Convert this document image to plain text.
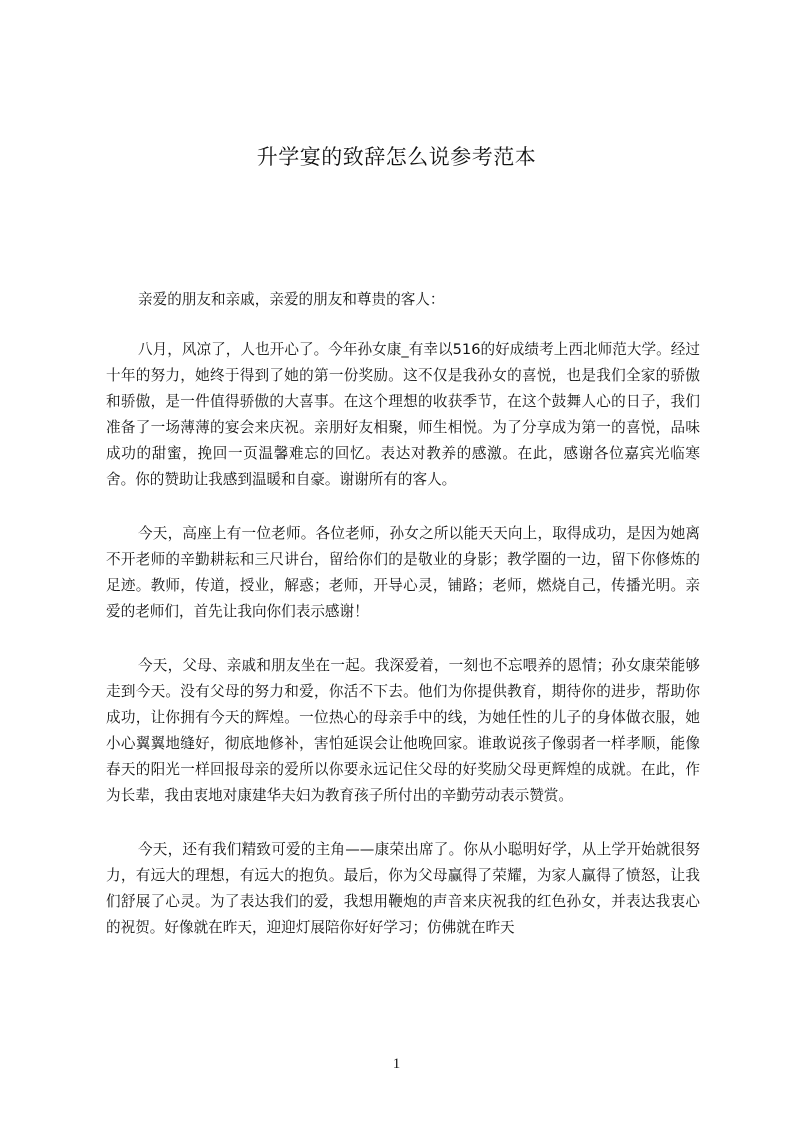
升学宴的致辞怎么说参考范本

亲爱的朋友和亲戚，亲爱的朋友和尊贵的客人：

八月，风凉了，人也开心了。今年孙女康_有幸以516的好成绩考上西北师范大学。经过十年的努力，她终于得到了她的第一份奖励。这不仅是我孙女的喜悦，也是我们全家的骄傲和骄傲，是一件值得骄傲的大喜事。在这个理想的收获季节，在这个鼓舞人心的日子，我们准备了一场薄薄的宴会来庆祝。亲朋好友相聚，师生相悦。为了分享成为第一的喜悦，品味成功的甜蜜，挽回一页温馨难忘的回忆。表达对教养的感激。在此，感谢各位嘉宾光临寒舍。你的赞助让我感到温暖和自豪。谢谢所有的客人。

今天，高座上有一位老师。各位老师，孙女之所以能天天向上，取得成功，是因为她离不开老师的辛勤耕耘和三尺讲台，留给你们的是敬业的身影；教学圈的一边，留下你修炼的足迹。教师，传道，授业，解惑；老师，开导心灵，铺路；老师，燃烧自己，传播光明。亲爱的老师们，首先让我向你们表示感谢！

今天，父母、亲戚和朋友坐在一起。我深爱着，一刻也不忘喂养的恩情；孙女康荣能够走到今天。没有父母的努力和爱，你活不下去。他们为你提供教育，期待你的进步，帮助你成功，让你拥有今天的辉煌。一位热心的母亲手中的线，为她任性的儿子的身体做衣服，她小心翼翼地缝好，彻底地修补，害怕延误会让他晚回家。谁敢说孩子像弱者一样孝顺，能像春天的阳光一样回报母亲的爱所以你要永远记住父母的好奖励父母更辉煌的成就。在此，作为长辈，我由衷地对康建华夫妇为教育孩子所付出的辛勤劳动表示赞赏。

今天，还有我们精致可爱的主角——康荣出席了。你从小聪明好学，从上学开始就很努力，有远大的理想，有远大的抱负。最后，你为父母赢得了荣耀，为家人赢得了愤怒，让我们舒展了心灵。为了表达我们的爱，我想用鞭炮的声音来庆祝我的红色孙女，并表达我衷心的祝贺。好像就在昨天，迎迎灯展陪你好好学习；仿佛就在昨天

1
